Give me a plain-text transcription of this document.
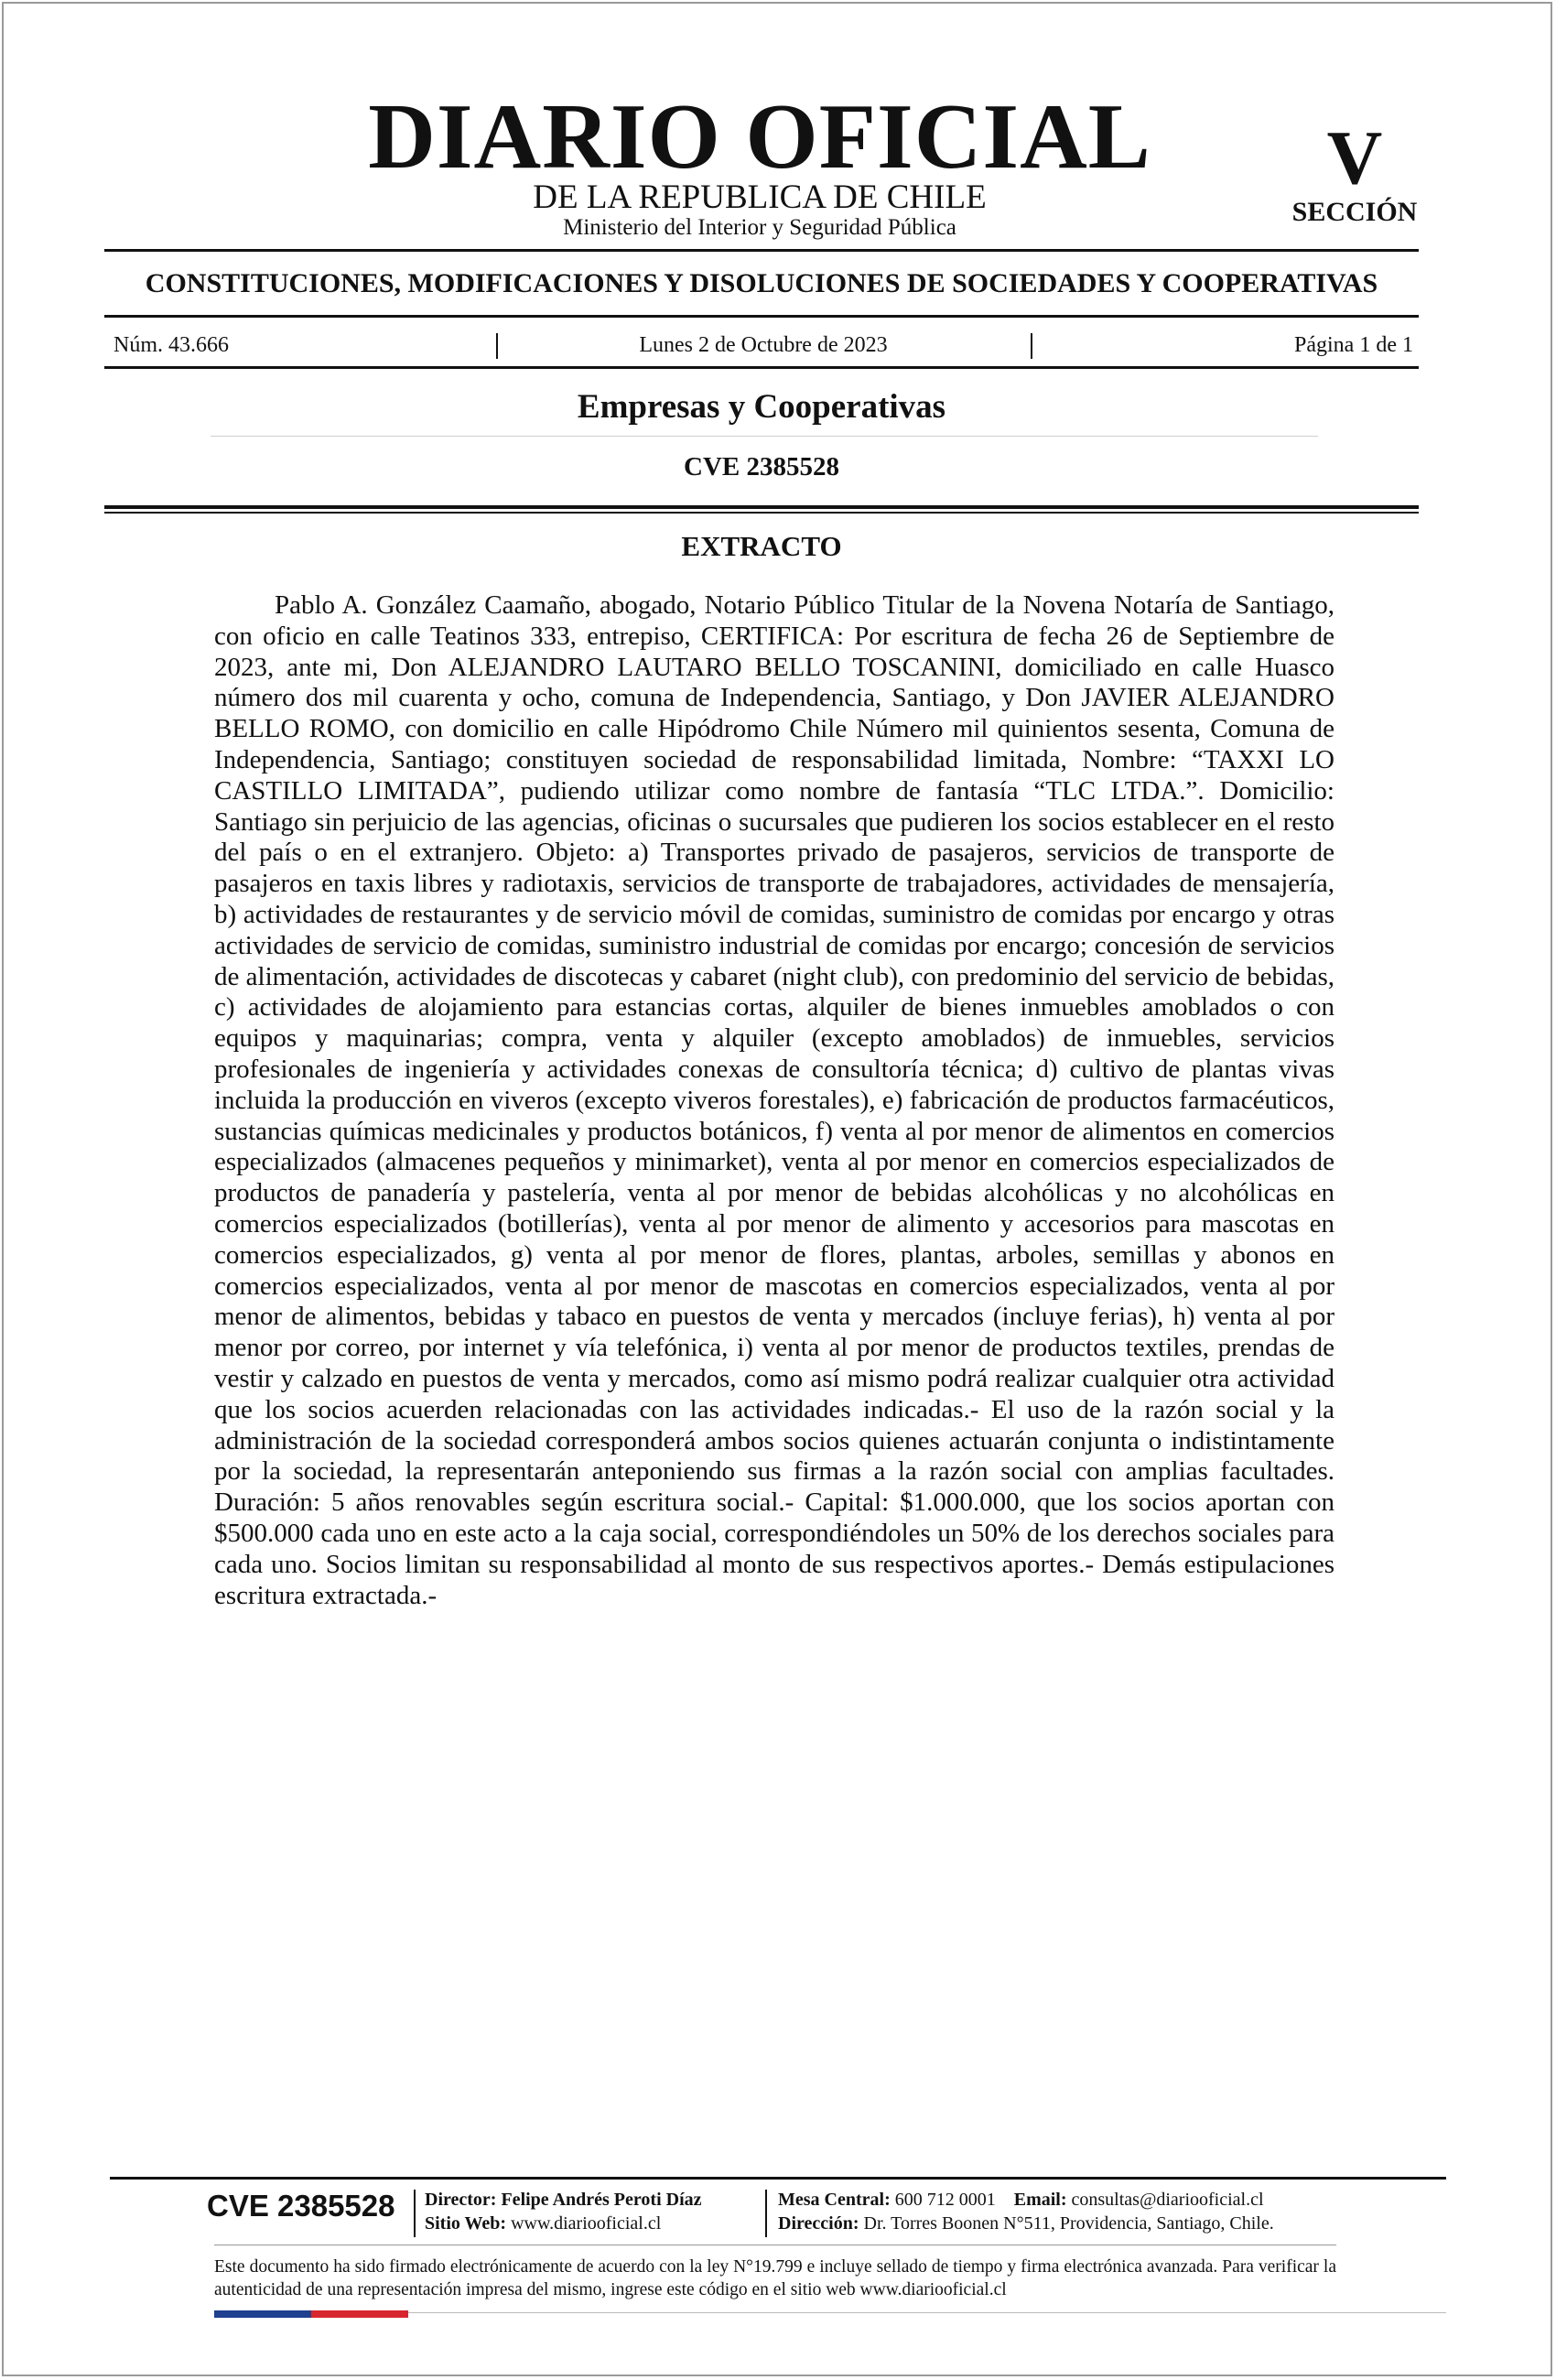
DIARIO OFICIAL
DE LA REPUBLICA DE CHILE
Ministerio del Interior y Seguridad Pública
V
SECCIÓN
CONSTITUCIONES, MODIFICACIONES Y DISOLUCIONES DE SOCIEDADES Y COOPERATIVAS
Núm. 43.666	Lunes 2 de Octubre de 2023	Página 1 de 1
Empresas y Cooperativas
CVE 2385528
EXTRACTO

Pablo A. González Caamaño, abogado, Notario Público Titular de la Novena Notaría de Santiago, con oficio en calle Teatinos 333, entrepiso, CERTIFICA: Por escritura de fecha 26 de Septiembre de 2023, ante mi, Don ALEJANDRO LAUTARO BELLO TOSCANINI, domiciliado en calle Huasco número dos mil cuarenta y ocho, comuna de Independencia, Santiago, y Don JAVIER ALEJANDRO BELLO ROMO, con domicilio en calle Hipódromo Chile Número mil quinientos sesenta, Comuna de Independencia, Santiago; constituyen sociedad de responsabilidad limitada, Nombre: “TAXXI LO CASTILLO LIMITADA”, pudiendo utilizar como nombre de fantasía “TLC LTDA.”. Domicilio: Santiago sin perjuicio de las agencias, oficinas o sucursales que pudieren los socios establecer en el resto del país o en el extranjero. Objeto: a) Transportes privado de pasajeros, servicios de transporte de pasajeros en taxis libres y radiotaxis, servicios de transporte de trabajadores, actividades de mensajería, b) actividades de restaurantes y de servicio móvil de comidas, suministro de comidas por encargo y otras actividades de servicio de comidas, suministro industrial de comidas por encargo; concesión de servicios de alimentación, actividades de discotecas y cabaret (night club), con predominio del servicio de bebidas, c) actividades de alojamiento para estancias cortas, alquiler de bienes inmuebles amoblados o con equipos y maquinarias; compra, venta y alquiler (excepto amoblados) de inmuebles, servicios profesionales de ingeniería y actividades conexas de consultoría técnica; d) cultivo de plantas vivas incluida la producción en viveros (excepto viveros forestales), e) fabricación de productos farmacéuticos, sustancias químicas medicinales y productos botánicos, f) venta al por menor de alimentos en comercios especializados (almacenes pequeños y minimarket), venta al por menor en comercios especializados de productos de panadería y pastelería, venta al por menor de bebidas alcohólicas y no alcohólicas en comercios especializados (botillerías), venta al por menor de alimento y accesorios para mascotas en comercios especializados, g) venta al por menor de flores, plantas, arboles, semillas y abonos en comercios especializados, venta al por menor de mascotas en comercios especializados, venta al por menor de alimentos, bebidas y tabaco en puestos de venta y mercados (incluye ferias), h) venta al por menor por correo, por internet y vía telefónica, i) venta al por menor de productos textiles, prendas de vestir y calzado en puestos de venta y mercados, como así mismo podrá realizar cualquier otra actividad que los socios acuerden relacionadas con las actividades indicadas.- El uso de la razón social y la administración de la sociedad corresponderá ambos socios quienes actuarán conjunta o indistintamente por la sociedad, la representarán anteponiendo sus firmas a la razón social con amplias facultades. Duración: 5 años renovables según escritura social.- Capital: $1.000.000, que los socios aportan con $500.000 cada uno en este acto a la caja social, correspondiéndoles un 50% de los derechos sociales para cada uno. Socios limitan su responsabilidad al monto de sus respectivos aportes.- Demás estipulaciones escritura extractada.-

CVE 2385528 Director: Felipe Andrés Peroti Díaz
Sitio Web: www.diariooficial.cl
Mesa Central: 600 712 0001 Email: consultas@diariooficial.cl
Dirección: Dr. Torres Boonen N°511, Providencia, Santiago, Chile.

Este documento ha sido firmado electrónicamente de acuerdo con la ley N°19.799 e incluye sellado de tiempo y firma electrónica avanzada. Para verificar la autenticidad de una representación impresa del mismo, ingrese este código en el sitio web www.diariooficial.cl
